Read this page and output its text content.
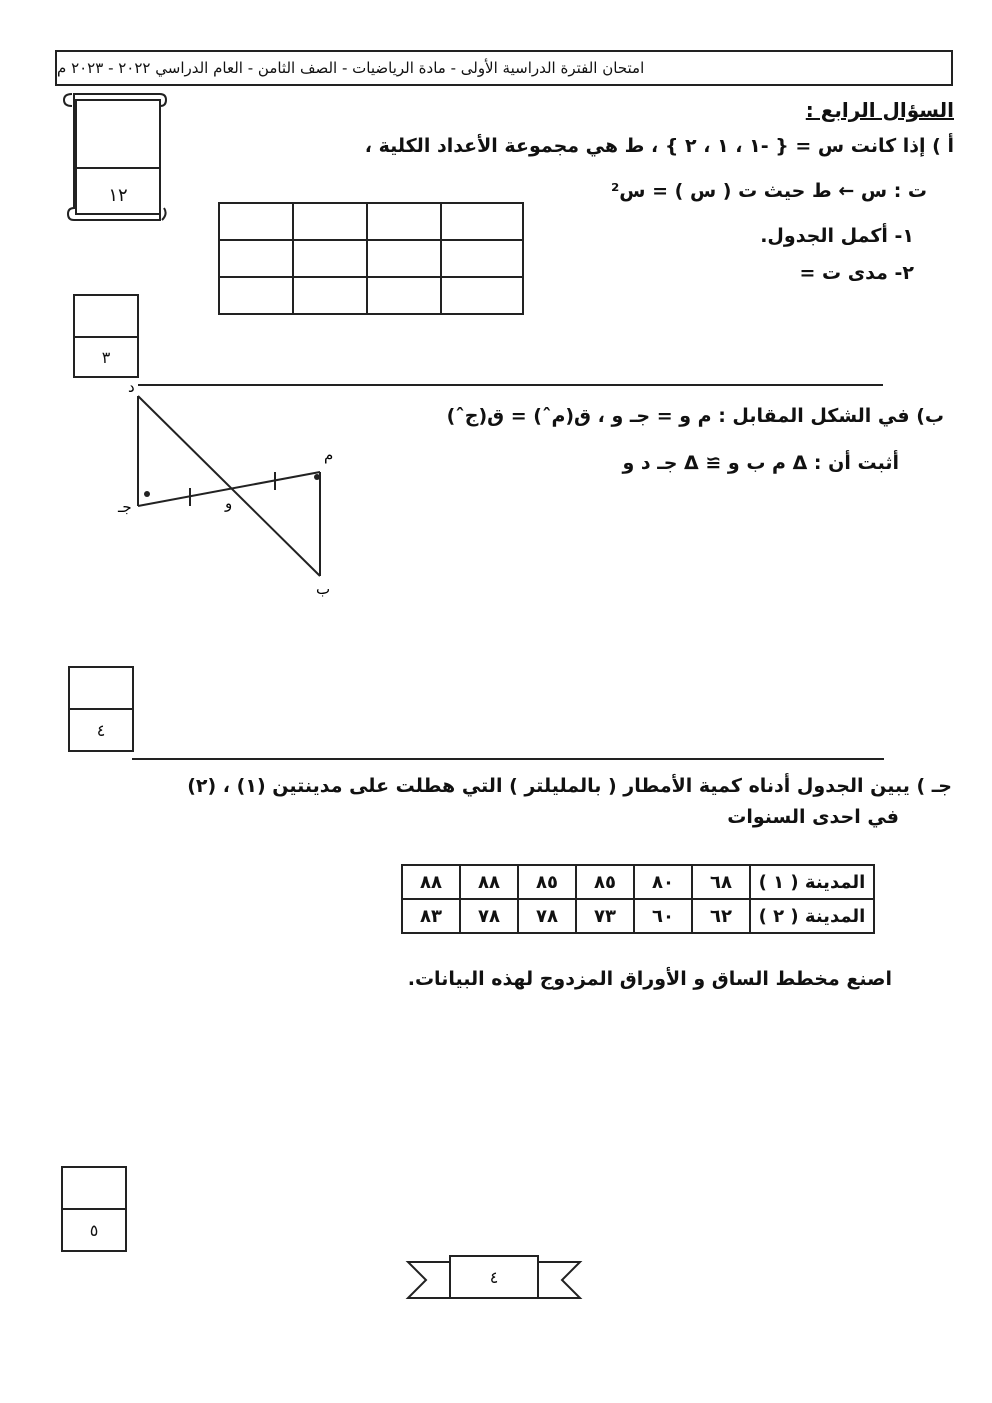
امتحان الفترة الدراسية الأولى - مادة الرياضيات - الصف الثامن - العام الدراسي ٢٠٢٢ - ٢٠٢٣ م
١٢
السؤال الرابع :
أ ) إذا كانت س = { -١ ، ١ ، ٢ } ، ط هي مجموعة الأعداد الكلية ،
ت : س ← ط حيث ت ( س ) = س²
١- أكمل الجدول.
٢- مدى ت =

٣
ب) في الشكل المقابل : م و = جـ و ، ق(مˆ) = ق(جˆ)
أثبت أن : Δ م ب و ≅ Δ جـ د و
د
م
جـ	و
ب
٤
جـ ) يبين الجدول أدناه كمية الأمطار ( بالمليلتر ) التي هطلت على مدينتين (١) ، (٢)
في احدى السنوات
المدينة ( ١ )	٦٨	٨٠	٨٥	٨٥	٨٨	٨٨
المدينة ( ٢ )	٦٢	٦٠	٧٣	٧٨	٧٨	٨٣
اصنع مخطط الساق و الأوراق المزدوج لهذه البيانات.
٥
٤
